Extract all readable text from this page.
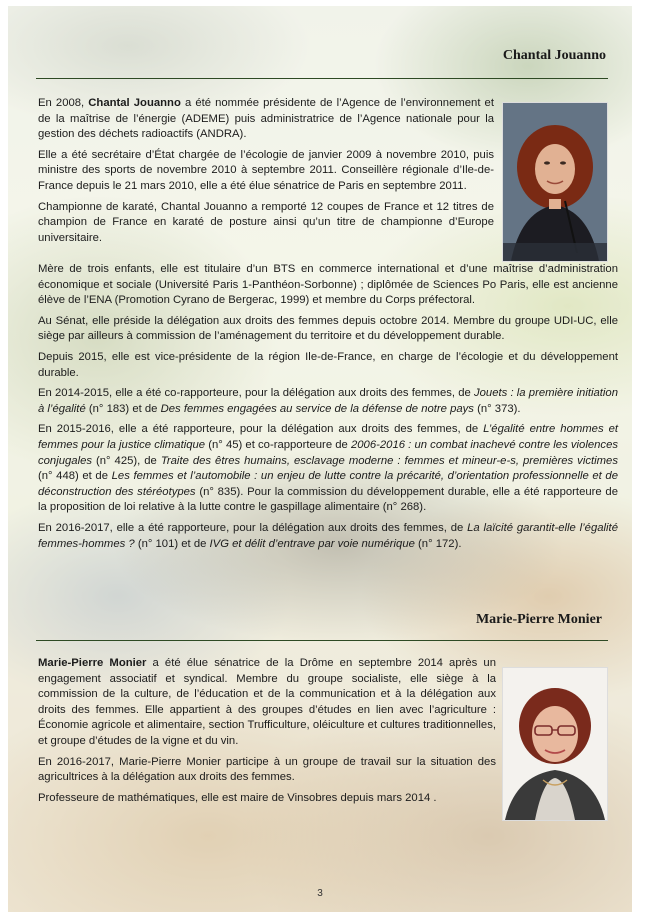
Chantal Jouanno

En 2008, Chantal Jouanno a été nommée présidente de l’Agence de l’environnement et de la maîtrise de l’énergie (ADEME) puis administratrice de l’Agence nationale pour la gestion des déchets radioactifs (ANDRA).

Elle a été secrétaire d’État chargée de l’écologie de janvier 2009 à novembre 2010, puis ministre des sports de novembre 2010 à septembre 2011. Conseillère régionale d’Ile-de-France depuis le 21 mars 2010, elle a été élue sénatrice de Paris en septembre 2011.

Championne de karaté, Chantal Jouanno a remporté 12 coupes de France et 12 titres de champion de France en karaté de posture ainsi qu’un titre de championne d’Europe universitaire.

Mère de trois enfants, elle est titulaire d’un BTS en commerce international et d’une maîtrise d’administration économique et sociale (Université Paris 1-Panthéon-Sorbonne) ; diplômée de Sciences Po Paris, elle est ancienne élève de l’ENA (Promotion Cyrano de Bergerac, 1999) et membre du Corps préfectoral.

Au Sénat, elle préside la délégation aux droits des femmes depuis octobre 2014. Membre du groupe UDI-UC, elle siège par ailleurs à commission de l’aménagement du territoire et du développement durable.

Depuis 2015, elle est vice-présidente de la région Ile-de-France, en charge de l’écologie et du développement durable.

En 2014-2015, elle a été co-rapporteure, pour la délégation aux droits des femmes, de Jouets : la première initiation à l’égalité (n° 183) et de Des femmes engagées au service de la défense de notre pays (n° 373).

En 2015-2016, elle a été rapporteure, pour la délégation aux droits des femmes, de L’égalité entre hommes et femmes pour la justice climatique (n° 45) et co-rapporteure de 2006-2016 : un combat inachevé contre les violences conjugales (n° 425), de Traite des êtres humains, esclavage moderne : femmes et mineur-e-s, premières victimes (n° 448) et de Les femmes et l’automobile : un enjeu de lutte contre la précarité, d’orientation professionnelle et de déconstruction des stéréotypes (n° 835). Pour la commission du développement durable, elle a été rapporteure de la proposition de loi relative à la lutte contre le gaspillage alimentaire (n° 268).

En 2016-2017, elle a été rapporteure, pour la délégation aux droits des femmes, de La laïcité garantit-elle l’égalité femmes-hommes ? (n° 101) et de IVG et délit d’entrave par voie numérique (n° 172).

Marie-Pierre Monier

Marie-Pierre Monier a été élue sénatrice de la Drôme en septembre 2014 après un engagement associatif et syndical. Membre du groupe socialiste, elle siège à la commission de la culture, de l’éducation et de la communication et à la délégation aux droits des femmes. Elle appartient à des groupes d’études en lien avec l’agriculture : Économie agricole et alimentaire, section Trufficulture, oléiculture et cultures traditionnelles, et groupe d’études de la vigne et du vin.

En 2016-2017, Marie-Pierre Monier participe à un groupe de travail sur la situation des agricultrices à la délégation aux droits des femmes.

Professeure de mathématiques, elle est maire de Vinsobres depuis mars 2014 .

3
